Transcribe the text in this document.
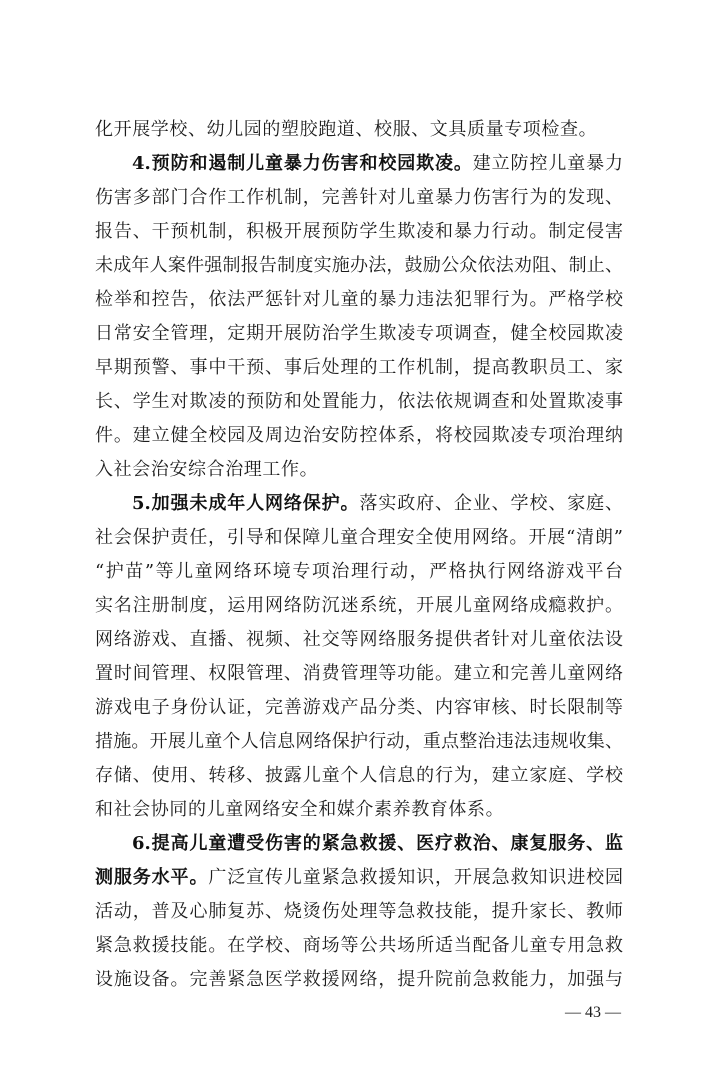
化开展学校、幼儿园的塑胶跑道、校服、文具质量专项检查。
4.预防和遏制儿童暴力伤害和校园欺凌。建立防控儿童暴力
伤害多部门合作工作机制，完善针对儿童暴力伤害行为的发现、
报告、干预机制，积极开展预防学生欺凌和暴力行动。制定侵害
未成年人案件强制报告制度实施办法，鼓励公众依法劝阻、制止、
检举和控告，依法严惩针对儿童的暴力违法犯罪行为。严格学校
日常安全管理，定期开展防治学生欺凌专项调查，健全校园欺凌
早期预警、事中干预、事后处理的工作机制，提高教职员工、家
长、学生对欺凌的预防和处置能力，依法依规调查和处置欺凌事
件。建立健全校园及周边治安防控体系，将校园欺凌专项治理纳
入社会治安综合治理工作。
5.加强未成年人网络保护。落实政府、企业、学校、家庭、
社会保护责任，引导和保障儿童合理安全使用网络。开展“清朗”
“护苗”等儿童网络环境专项治理行动，严格执行网络游戏平台
实名注册制度，运用网络防沉迷系统，开展儿童网络成瘾救护。
网络游戏、直播、视频、社交等网络服务提供者针对儿童依法设
置时间管理、权限管理、消费管理等功能。建立和完善儿童网络
游戏电子身份认证，完善游戏产品分类、内容审核、时长限制等
措施。开展儿童个人信息网络保护行动，重点整治违法违规收集、
存储、使用、转移、披露儿童个人信息的行为，建立家庭、学校
和社会协同的儿童网络安全和媒介素养教育体系。
6.提高儿童遭受伤害的紧急救援、医疗救治、康复服务、监
测服务水平。广泛宣传儿童紧急救援知识，开展急救知识进校园
活动，普及心肺复苏、烧烫伤处理等急救技能，提升家长、教师
紧急救援技能。在学校、商场等公共场所适当配备儿童专用急救
设施设备。完善紧急医学救援网络，提升院前急救能力，加强与
— 43 —
